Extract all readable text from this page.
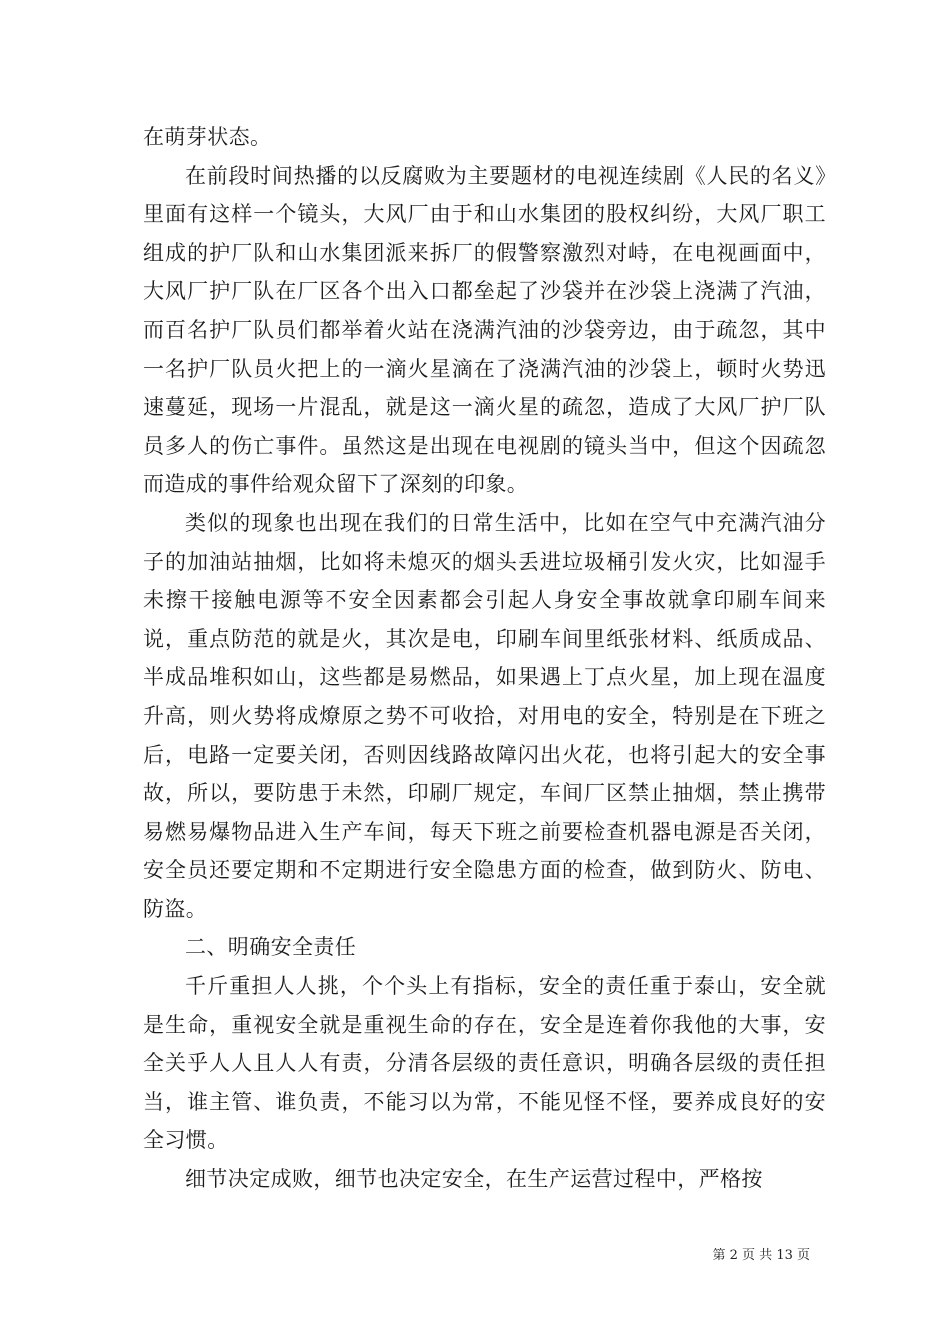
在萌芽状态。

在前段时间热播的以反腐败为主要题材的电视连续剧《人民的名义》里面有这样一个镜头，大风厂由于和山水集团的股权纠纷，大风厂职工组成的护厂队和山水集团派来拆厂的假警察激烈对峙，在电视画面中，大风厂护厂队在厂区各个出入口都垒起了沙袋并在沙袋上浇满了汽油，而百名护厂队员们都举着火站在浇满汽油的沙袋旁边，由于疏忽，其中一名护厂队员火把上的一滴火星滴在了浇满汽油的沙袋上，顿时火势迅速蔓延，现场一片混乱，就是这一滴火星的疏忽，造成了大风厂护厂队员多人的伤亡事件。虽然这是出现在电视剧的镜头当中，但这个因疏忽而造成的事件给观众留下了深刻的印象。

类似的现象也出现在我们的日常生活中，比如在空气中充满汽油分子的加油站抽烟，比如将未熄灭的烟头丢进垃圾桶引发火灾，比如湿手未擦干接触电源等不安全因素都会引起人身安全事故就拿印刷车间来说，重点防范的就是火，其次是电，印刷车间里纸张材料、纸质成品、半成品堆积如山，这些都是易燃品，如果遇上丁点火星，加上现在温度升高，则火势将成燎原之势不可收拾，对用电的安全，特别是在下班之后，电路一定要关闭，否则因线路故障闪出火花，也将引起大的安全事故，所以，要防患于未然，印刷厂规定，车间厂区禁止抽烟，禁止携带易燃易爆物品进入生产车间，每天下班之前要检查机器电源是否关闭，安全员还要定期和不定期进行安全隐患方面的检查，做到防火、防电、防盗。

二、明确安全责任

千斤重担人人挑，个个头上有指标，安全的责任重于泰山，安全就是生命，重视安全就是重视生命的存在，安全是连着你我他的大事，安全关乎人人且人人有责，分清各层级的责任意识，明确各层级的责任担当，谁主管、谁负责，不能习以为常，不能见怪不怪，要养成良好的安全习惯。

细节决定成败，细节也决定安全，在生产运营过程中，严格按

第 2 页 共 13 页
